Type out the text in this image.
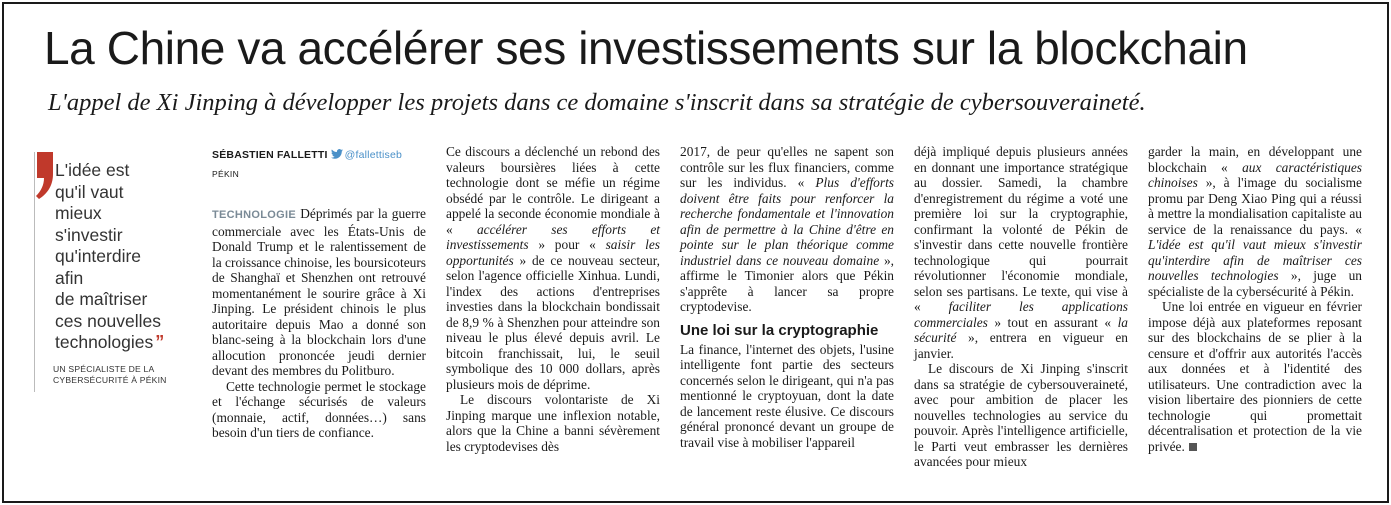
La Chine va accélérer ses investissements sur la blockchain
L'appel de Xi Jinping à développer les projets dans ce domaine s'inscrit dans sa stratégie de cybersouveraineté.
L'idée est
qu'il vaut
mieux
s'investir
qu'interdire
afin
de maîtriser
ces nouvelles
technologies ”
UN SPÉCIALISTE DE LA
CYBERSÉCURITÉ À PÉKIN
SÉBASTIEN FALLETTI @fallettiseb
PÉKIN

TECHNOLOGIE Déprimés par la guerre commerciale avec les États-Unis de Donald Trump et le ralentissement de la croissance chinoise, les boursicoteurs de Shanghaï et Shenzhen ont retrouvé momentanément le sourire grâce à Xi Jinping. Le président chinois le plus autoritaire depuis Mao a donné son blanc-seing à la blockchain lors d'une allocution prononcée jeudi dernier devant des membres du Politburo.

Cette technologie permet le stockage et l'échange sécurisés de valeurs (monnaie, actif, données…) sans besoin d'un tiers de confiance.

Ce discours a déclenché un rebond des valeurs boursières liées à cette technologie dont se méfie un régime obsédé par le contrôle. Le dirigeant a appelé la seconde économie mondiale à « accélérer ses efforts et investissements » pour « saisir les opportunités » de ce nouveau secteur, selon l'agence officielle Xinhua. Lundi, l'index des actions d'entreprises investies dans la blockchain bondissait de 8,9 % à Shenzhen pour atteindre son niveau le plus élevé depuis avril. Le bitcoin franchissait, lui, le seuil symbolique des 10 000 dollars, après plusieurs mois de déprime.

Le discours volontariste de Xi Jinping marque une inflexion notable, alors que la Chine a banni sévèrement les cryptodevises dès

2017, de peur qu'elles ne sapent son contrôle sur les flux financiers, comme sur les individus. « Plus d'efforts doivent être faits pour renforcer la recherche fondamentale et l'innovation afin de permettre à la Chine d'être en pointe sur le plan théorique comme industriel dans ce nouveau domaine », affirme le Timonier alors que Pékin s'apprête à lancer sa propre cryptodevise.

Une loi sur la cryptographie

La finance, l'internet des objets, l'usine intelligente font partie des secteurs concernés selon le dirigeant, qui n'a pas mentionné le cryptoyuan, dont la date de lancement reste élusive. Ce discours général prononcé devant un groupe de travail vise à mobiliser l'appareil

déjà impliqué depuis plusieurs années en donnant une importance stratégique au dossier. Samedi, la chambre d'enregistrement du régime a voté une première loi sur la cryptographie, confirmant la volonté de Pékin de s'investir dans cette nouvelle frontière technologique qui pourrait révolutionner l'économie mondiale, selon ses partisans. Le texte, qui vise à « faciliter les applications commerciales » tout en assurant « la sécurité », entrera en vigueur en janvier.

Le discours de Xi Jinping s'inscrit dans sa stratégie de cybersouveraineté, avec pour ambition de placer les nouvelles technologies au service du pouvoir. Après l'intelligence artificielle, le Parti veut embrasser les dernières avancées pour mieux

garder la main, en développant une blockchain « aux caractéristiques chinoises », à l'image du socialisme promu par Deng Xiao Ping qui a réussi à mettre la mondialisation capitaliste au service de la renaissance du pays. « L'idée est qu'il vaut mieux s'investir qu'interdire afin de maîtriser ces nouvelles technologies », juge un spécialiste de la cybersécurité à Pékin.

Une loi entrée en vigueur en février impose déjà aux plateformes reposant sur des blockchains de se plier à la censure et d'offrir aux autorités l'accès aux données et à l'identité des utilisateurs. Une contradiction avec la vision libertaire des pionniers de cette technologie qui promettait décentralisation et protection de la vie privée.
